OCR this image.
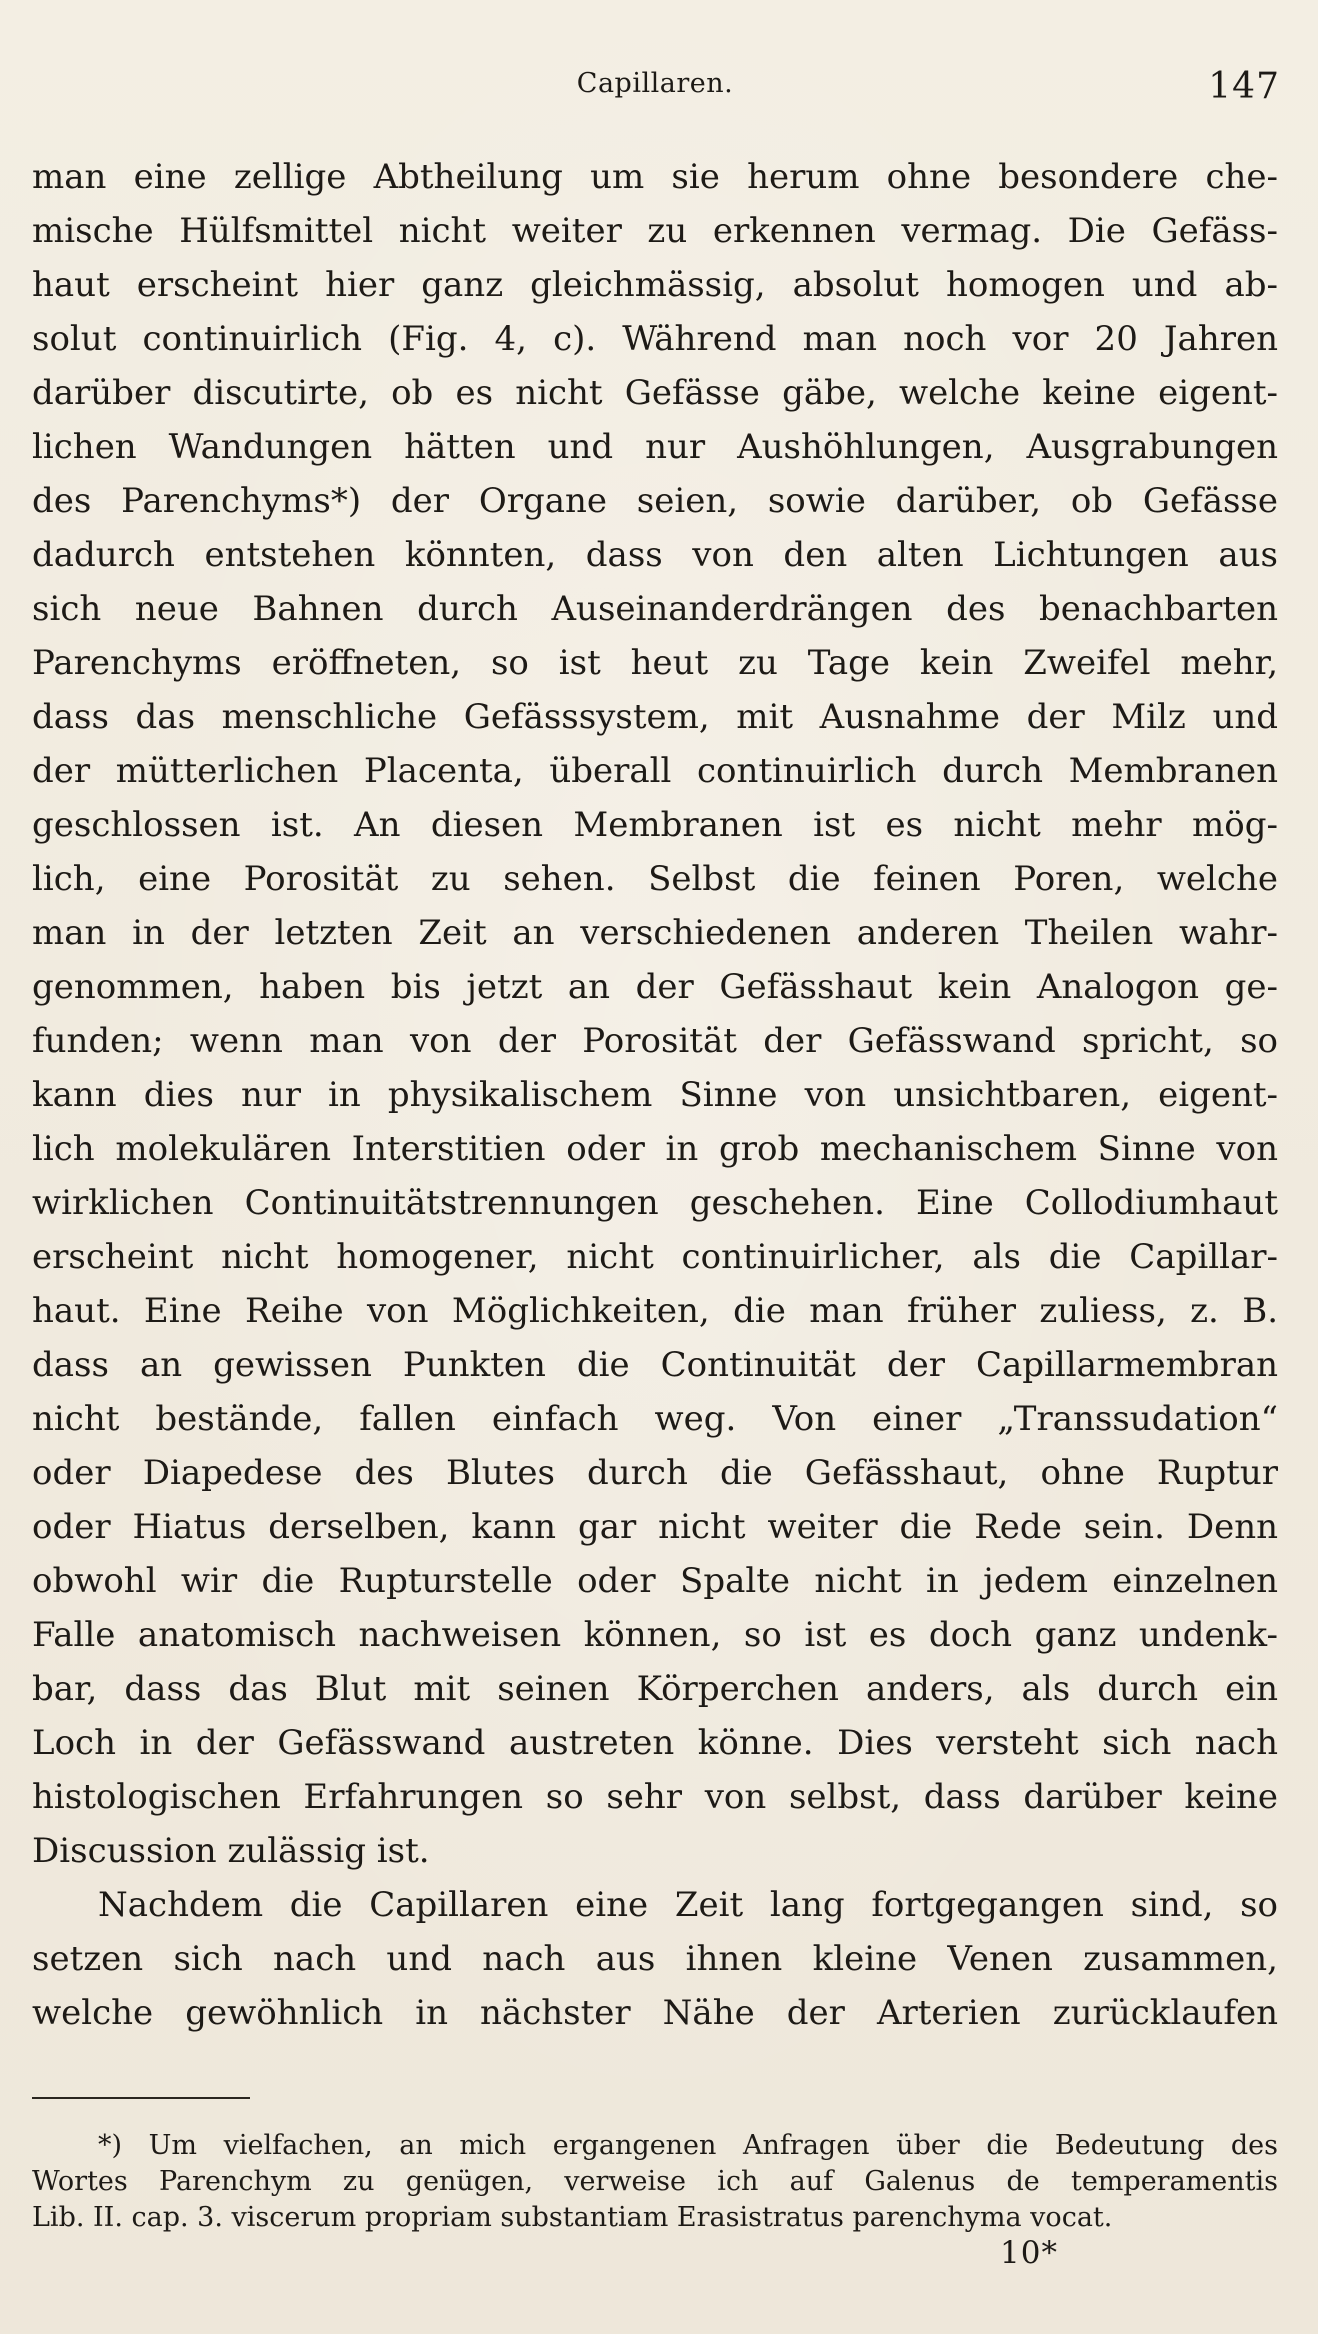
Capillaren.	147
man eine zellige Abtheilung um sie herum ohne besondere che-
mische Hülfsmittel nicht weiter zu erkennen vermag. Die Gefäss-
haut erscheint hier ganz gleichmässig, absolut homogen und ab-
solut continuirlich (Fig. 4, c). Während man noch vor 20 Jahren
darüber discutirte, ob es nicht Gefässe gäbe, welche keine eigent-
lichen Wandungen hätten und nur Aushöhlungen, Ausgrabungen
des Parenchyms*) der Organe seien, sowie darüber, ob Gefässe
dadurch entstehen könnten, dass von den alten Lichtungen aus
sich neue Bahnen durch Auseinanderdrängen des benachbarten
Parenchyms eröffneten, so ist heut zu Tage kein Zweifel mehr,
dass das menschliche Gefässsystem, mit Ausnahme der Milz und
der mütterlichen Placenta, überall continuirlich durch Membranen
geschlossen ist. An diesen Membranen ist es nicht mehr mög-
lich, eine Porosität zu sehen. Selbst die feinen Poren, welche
man in der letzten Zeit an verschiedenen anderen Theilen wahr-
genommen, haben bis jetzt an der Gefässhaut kein Analogon ge-
funden; wenn man von der Porosität der Gefässwand spricht, so
kann dies nur in physikalischem Sinne von unsichtbaren, eigent-
lich molekulären Interstitien oder in grob mechanischem Sinne von
wirklichen Continuitätstrennungen geschehen. Eine Collodiumhaut
erscheint nicht homogener, nicht continuirlicher, als die Capillar-
haut. Eine Reihe von Möglichkeiten, die man früher zuliess, z. B.
dass an gewissen Punkten die Continuität der Capillarmembran
nicht bestände, fallen einfach weg. Von einer „Transsudation“
oder Diapedese des Blutes durch die Gefässhaut, ohne Ruptur
oder Hiatus derselben, kann gar nicht weiter die Rede sein. Denn
obwohl wir die Rupturstelle oder Spalte nicht in jedem einzelnen
Falle anatomisch nachweisen können, so ist es doch ganz undenk-
bar, dass das Blut mit seinen Körperchen anders, als durch ein
Loch in der Gefässwand austreten könne. Dies versteht sich nach
histologischen Erfahrungen so sehr von selbst, dass darüber keine
Discussion zulässig ist.
Nachdem die Capillaren eine Zeit lang fortgegangen sind, so
setzen sich nach und nach aus ihnen kleine Venen zusammen,
welche gewöhnlich in nächster Nähe der Arterien zurücklaufen
*) Um vielfachen, an mich ergangenen Anfragen über die Bedeutung des
Wortes Parenchym zu genügen, verweise ich auf Galenus de temperamentis
Lib. II. cap. 3. viscerum propriam substantiam Erasistratus parenchyma vocat.
10*
